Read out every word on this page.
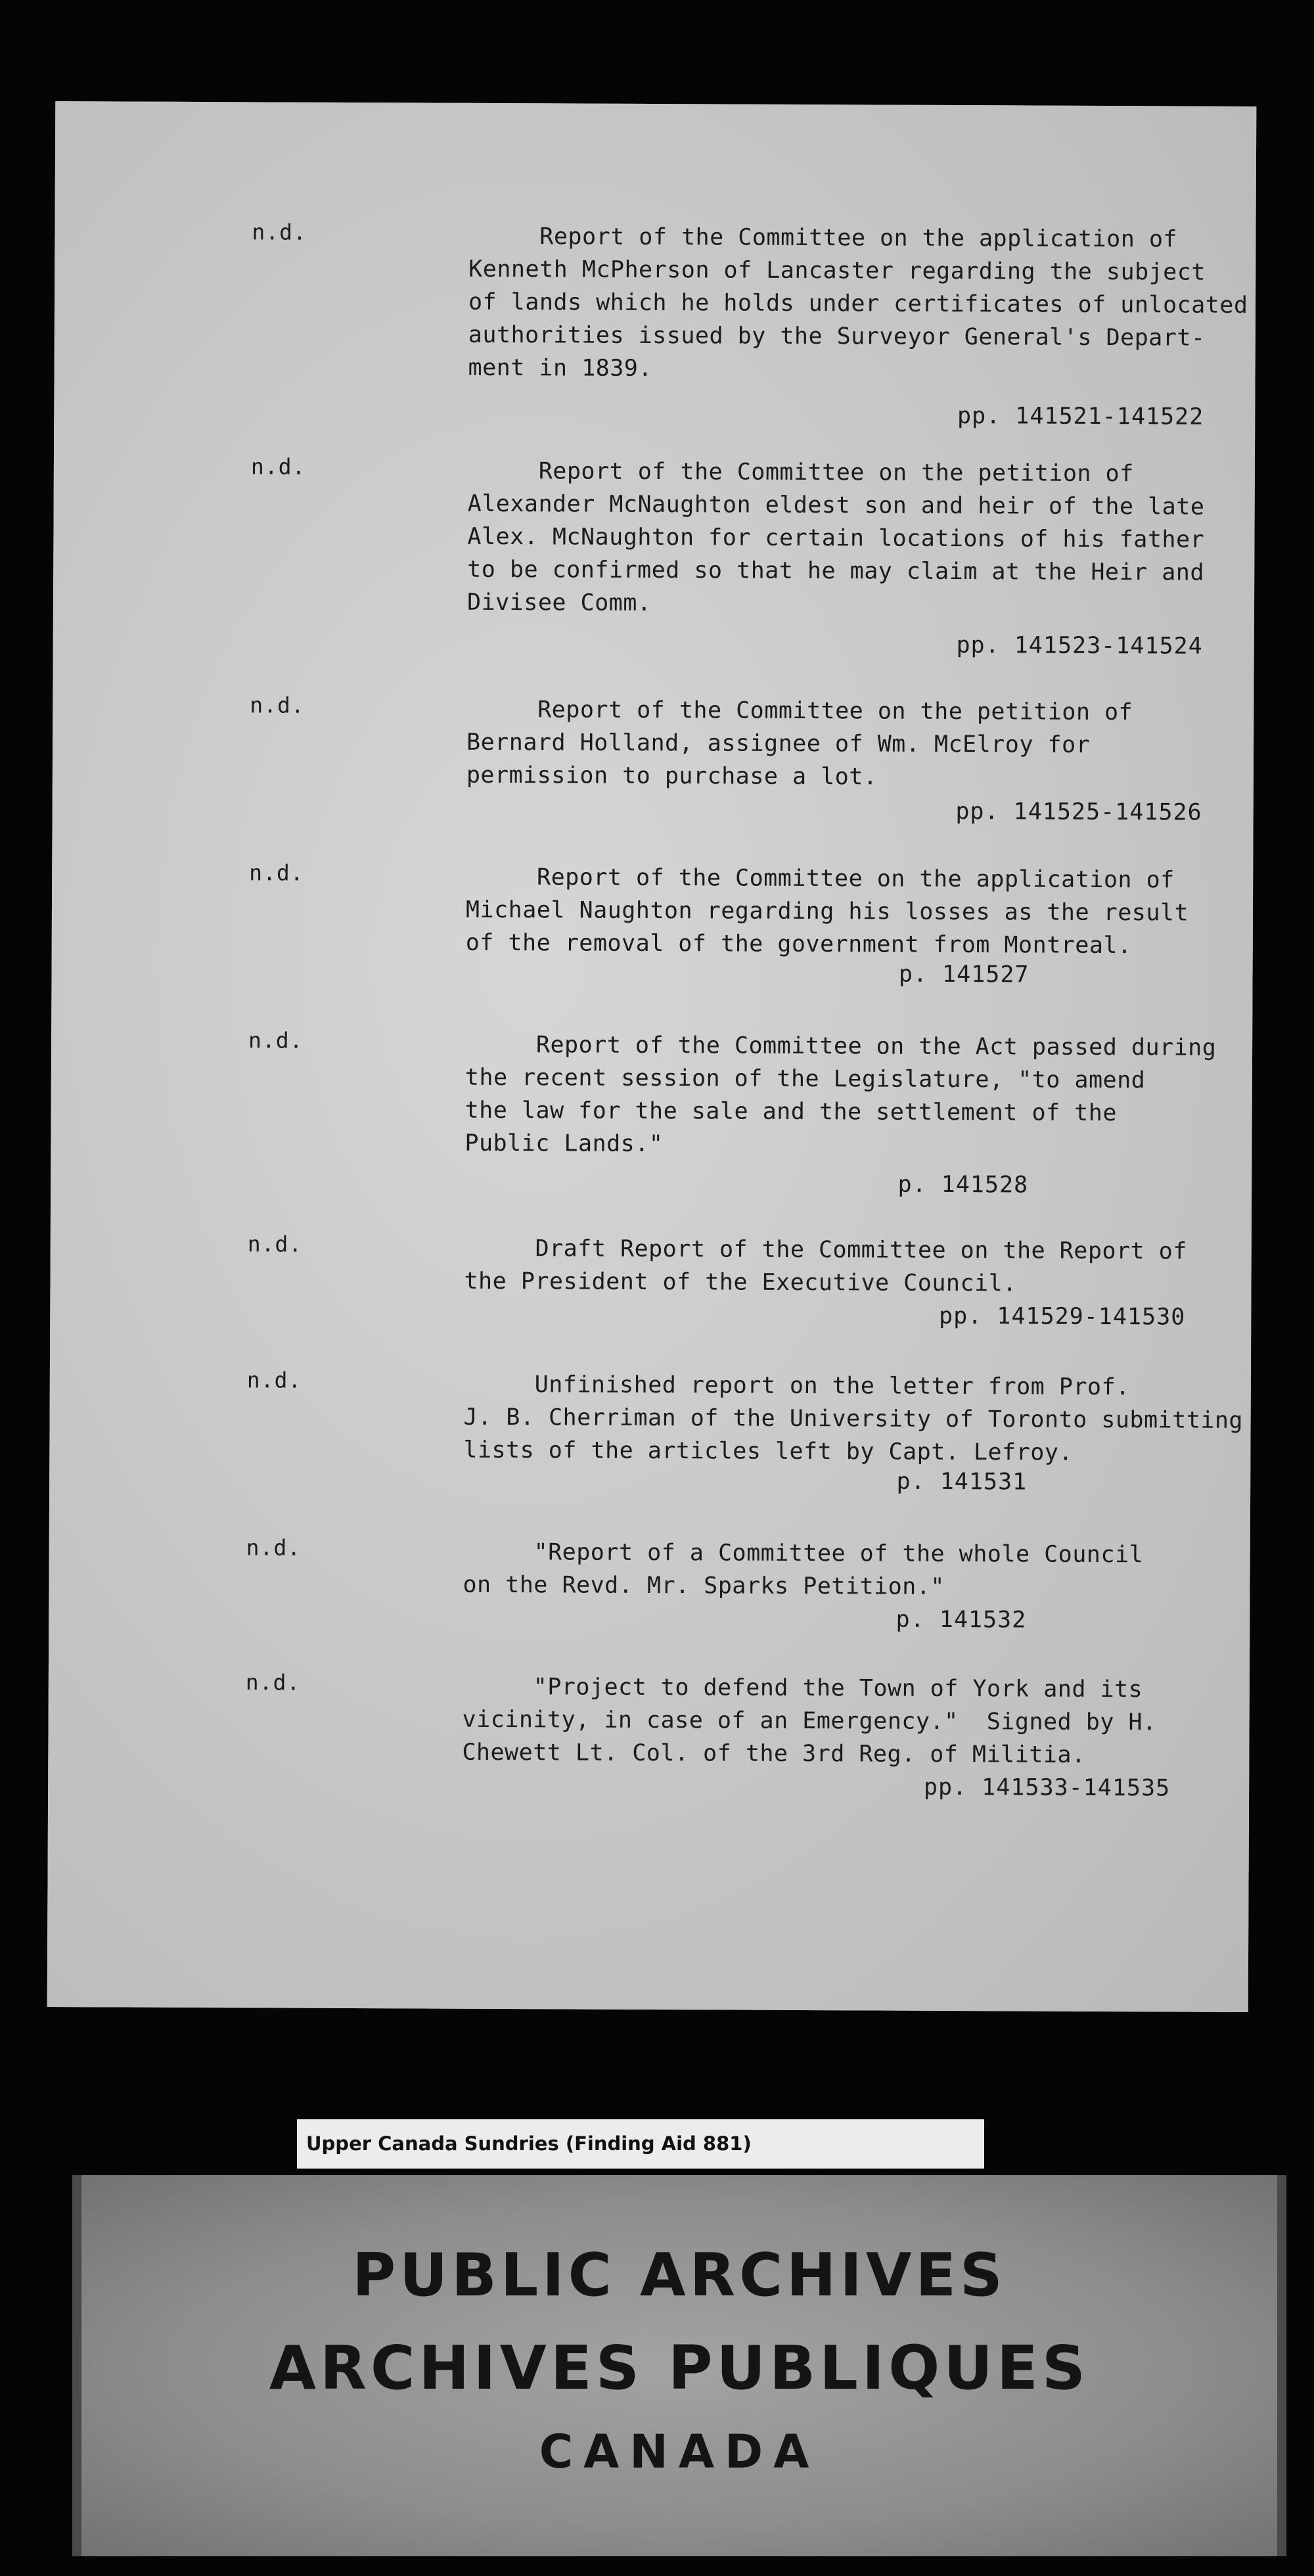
n.d.	Report of the Committee on the application of
Kenneth McPherson of Lancaster regarding the subject
of lands which he holds under certificates of unlocated
authorities issued by the Surveyor General's Depart-
ment in 1839.
pp. 141521-141522
n.d.	Report of the Committee on the petition of
Alexander McNaughton eldest son and heir of the late
Alex. McNaughton for certain locations of his father
to be confirmed so that he may claim at the Heir and
Divisee Comm.
pp. 141523-141524
n.d.	Report of the Committee on the petition of
Bernard Holland, assignee of Wm. McElroy for
permission to purchase a lot.
pp. 141525-141526
n.d.	Report of the Committee on the application of
Michael Naughton regarding his losses as the result
of the removal of the government from Montreal.
p. 141527
n.d.	Report of the Committee on the Act passed during
the recent session of the Legislature, "to amend
the law for the sale and the settlement of the
Public Lands."
p. 141528
n.d.	Draft Report of the Committee on the Report of
the President of the Executive Council.
pp. 141529-141530
n.d.	Unfinished report on the letter from Prof.
J. B. Cherriman of the University of Toronto submitting
lists of the articles left by Capt. Lefroy.
p. 141531
n.d.	"Report of a Committee of the whole Council
on the Revd. Mr. Sparks Petition."
p. 141532
n.d.	"Project to defend the Town of York and its
vicinity, in case of an Emergency."  Signed by H.
Chewett Lt. Col. of the 3rd Reg. of Militia.
pp. 141533-141535
Upper Canada Sundries (Finding Aid 881)
PUBLIC ARCHIVES
ARCHIVES PUBLIQUES
CANADA
